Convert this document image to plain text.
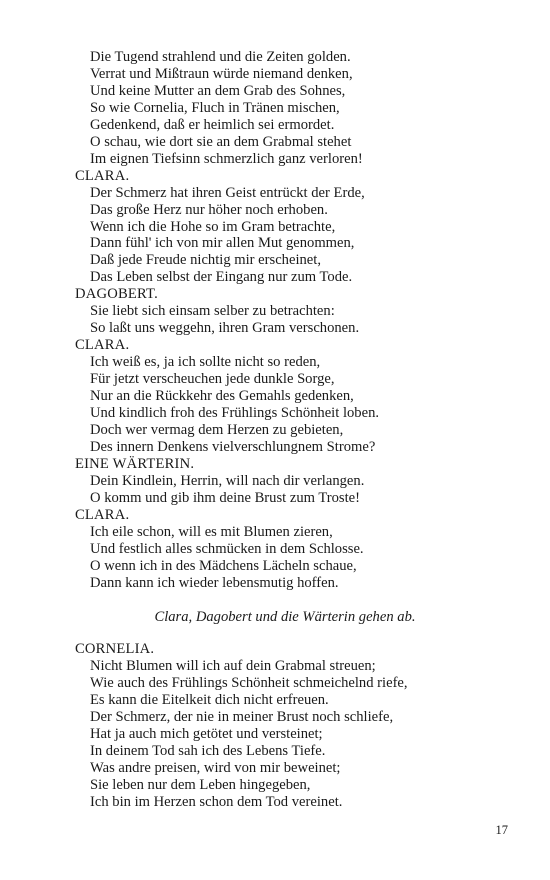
Die Tugend strahlend und die Zeiten golden.
Verrat und Mißtraun würde niemand denken,
Und keine Mutter an dem Grab des Sohnes,
So wie Cornelia, Fluch in Tränen mischen,
Gedenkend, daß er heimlich sei ermordet.
O schau, wie dort sie an dem Grabmal stehet
Im eignen Tiefsinn schmerzlich ganz verloren!
CLARA.
Der Schmerz hat ihren Geist entrückt der Erde,
Das große Herz nur höher noch erhoben.
Wenn ich die Hohe so im Gram betrachte,
Dann fühl' ich von mir allen Mut genommen,
Daß jede Freude nichtig mir erscheinet,
Das Leben selbst der Eingang nur zum Tode.
DAGOBERT.
Sie liebt sich einsam selber zu betrachten:
So laßt uns weggehn, ihren Gram verschonen.
CLARA.
Ich weiß es, ja ich sollte nicht so reden,
Für jetzt verscheuchen jede dunkle Sorge,
Nur an die Rückkehr des Gemahls gedenken,
Und kindlich froh des Frühlings Schönheit loben.
Doch wer vermag dem Herzen zu gebieten,
Des innern Denkens vielverschlungnem Strome?
EINE WÄRTERIN.
Dein Kindlein, Herrin, will nach dir verlangen.
O komm und gib ihm deine Brust zum Troste!
CLARA.
Ich eile schon, will es mit Blumen zieren,
Und festlich alles schmücken in dem Schlosse.
O wenn ich in des Mädchens Lächeln schaue,
Dann kann ich wieder lebensmutig hoffen.
Clara, Dagobert und die Wärterin gehen ab.
CORNELIA.
Nicht Blumen will ich auf dein Grabmal streuen;
Wie auch des Frühlings Schönheit schmeichelnd riefe,
Es kann die Eitelkeit dich nicht erfreuen.
Der Schmerz, der nie in meiner Brust noch schliefe,
Hat ja auch mich getötet und versteinet;
In deinem Tod sah ich des Lebens Tiefe.
Was andre preisen, wird von mir beweinet;
Sie leben nur dem Leben hingegeben,
Ich bin im Herzen schon dem Tod vereinet.
17
